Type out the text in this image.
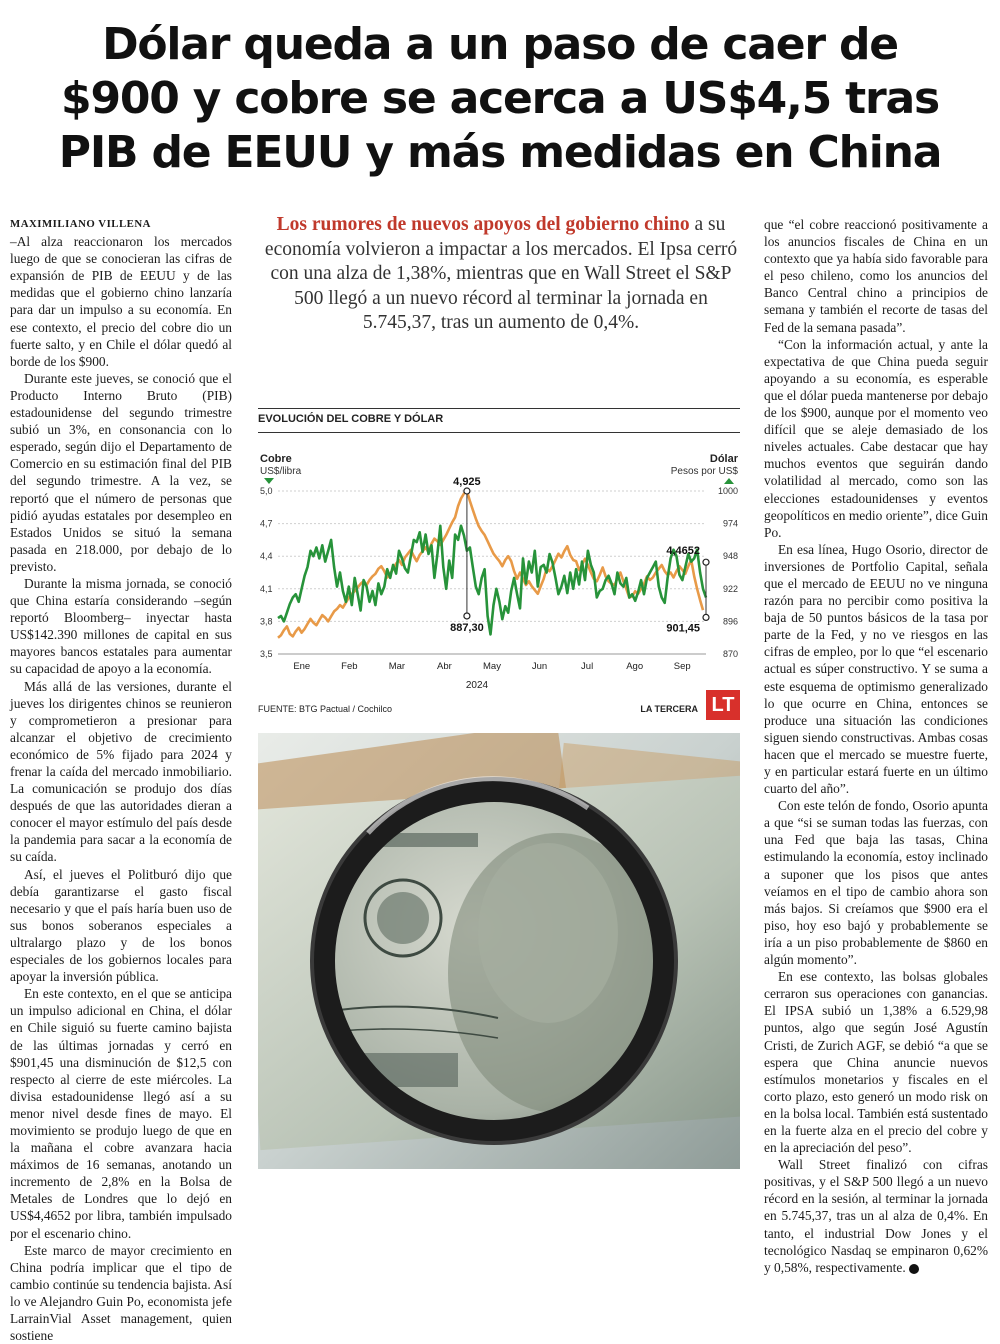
Dólar queda a un paso de caer de
$900 y cobre se acerca a US$4,5 tras
PIB de EEUU y más medidas en China
MAXIMILIANO VILLENA

–Al alza reaccionaron los mercados luego de que se conocieran las cifras de expansión de PIB de EEUU y de las medidas que el gobierno chino lanzaría para dar un impulso a su economía. En ese contexto, el precio del cobre dio un fuerte salto, y en Chile el dólar quedó al borde de los $900.

Durante este jueves, se conoció que el Producto Interno Bruto (PIB) estadounidense del segundo trimestre subió un 3%, en consonancia con lo esperado, según dijo el Departamento de Comercio en su estimación final del PIB del segundo trimestre. A la vez, se reportó que el número de personas que pidió ayudas estatales por desempleo en Estados Unidos se situó la semana pasada en 218.000, por debajo de lo previsto.

Durante la misma jornada, se conoció que China estaría considerando –según reportó Bloomberg– inyectar hasta US$142.390 millones de capital en sus mayores bancos estatales para aumentar su capacidad de apoyo a la economía.

Más allá de las versiones, durante el jueves los dirigentes chinos se reunieron y comprometieron a presionar para alcanzar el objetivo de crecimiento económico de 5% fijado para 2024 y frenar la caída del mercado inmobiliario. La comunicación se produjo dos días después de que las autoridades dieran a conocer el mayor estímulo del país desde la pandemia para sacar a la economía de su caída.

Así, el jueves el Politburó dijo que debía garantizarse el gasto fiscal necesario y que el país haría buen uso de sus bonos soberanos especiales a ultralargo plazo y de los bonos especiales de los gobiernos locales para apoyar la inversión pública.

En este contexto, en el que se anticipa un impulso adicional en China, el dólar en Chile siguió su fuerte camino bajista de las últimas jornadas y cerró en $901,45 una disminución de $12,5 con respecto al cierre de este miércoles. La divisa estadounidense llegó así a su menor nivel desde fines de mayo. El movimiento se produjo luego de que en la mañana el cobre avanzara hacia máximos de 16 semanas, anotando un incremento de 2,8% en la Bolsa de Metales de Londres que lo dejó en US$4,4652 por libra, también impulsado por el escenario chino.

Este marco de mayor crecimiento en China podría implicar que el tipo de cambio continúe su tendencia bajista. Así lo ve Alejandro Guin Po, economista jefe LarrainVial Asset management, quien sostiene

Los rumores de nuevos apoyos del gobierno chino a su economía volvieron a impactar a los mercados. El Ipsa cerró con una alza de 1,38%, mientras que en Wall Street el S&P 500 llegó a un nuevo récord al terminar la jornada en 5.745,37, tras un aumento de 0,4%.
EVOLUCIÓN DEL COBRE Y DÓLAR
Cobre
US$/libra
Dólar
Pesos por US$
2024
5,0	1000
4,7	974
4,4	948
4,1	922
3,8	896
3,5	870
Ene	Feb	Mar	Abr	May	Jun	Jul	Ago	Sep
4,925
887,30
4,4652
901,45
FUENTE: BTG Pactual / Cochilco	LA TERCERA LT

que “el cobre reaccionó positivamente a los anuncios fiscales de China en un contexto que ya había sido favorable para el peso chileno, como los anuncios del Banco Central chino a principios de semana y también el recorte de tasas del Fed de la semana pasada”.

“Con la información actual, y ante la expectativa de que China pueda seguir apoyando a su economía, es esperable que el dólar pueda mantenerse por debajo de los $900, aunque por el momento veo difícil que se aleje demasiado de los niveles actuales. Cabe destacar que hay muchos eventos que seguirán dando volatilidad al mercado, como son las elecciones estadounidenses y eventos geopolíticos en medio oriente”, dice Guin Po.

En esa línea, Hugo Osorio, director de inversiones de Portfolio Capital, señala que el mercado de EEUU no ve ninguna razón para no percibir como positiva la baja de 50 puntos básicos de la tasa por parte de la Fed, y no ve riesgos en las cifras de empleo, por lo que “el escenario actual es súper constructivo. Y se suma a este esquema de optimismo generalizado lo que ocurre en China, entonces se produce una situación las condiciones siguen siendo constructivas. Ambas cosas hacen que el mercado se muestre fuerte, y en particular estará fuerte en un último cuarto del año”.

Con este telón de fondo, Osorio apunta a que “si se suman todas las fuerzas, con una Fed que baja las tasas, China estimulando la economía, estoy inclinado a suponer que los pisos que antes veíamos en el tipo de cambio ahora son más bajos. Si creíamos que $900 era el piso, hoy eso bajó y probablemente se iría a un piso probablemente de $860 en algún momento”.

En ese contexto, las bolsas globales cerraron sus operaciones con ganancias. El IPSA subió un 1,38% a 6.529,98 puntos, algo que según José Agustín Cristi, de Zurich AGF, se debió “a que se espera que China anuncie nuevos estímulos monetarios y fiscales en el corto plazo, esto generó un modo risk on en la bolsa local. También está sustentado en la fuerte alza en el precio del cobre y en la apreciación del peso”.

Wall Street finalizó con cifras positivas, y el S&P 500 llegó a un nuevo récord en la sesión, al terminar la jornada en 5.745,37, tras un al alza de 0,4%. En tanto, el industrial Dow Jones y el tecnológico Nasdaq se empinaron 0,62% y 0,58%, respectivamente. P
